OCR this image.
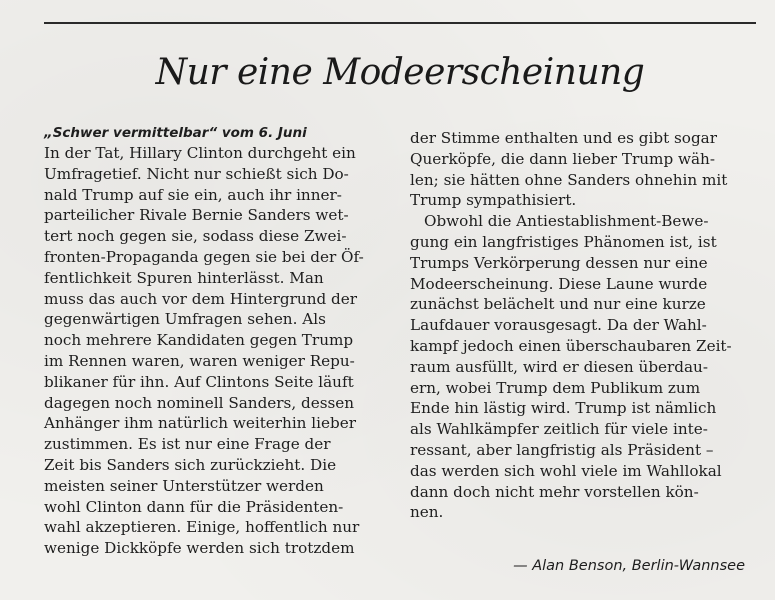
Nur eine Modeerscheinung
„Schwer vermittelbar“ vom 6. Juni
In der Tat, Hillary Clinton durchgeht ein
Umfragetief. Nicht nur schießt sich Do-
nald Trump auf sie ein, auch ihr inner-
parteilicher Rivale Bernie Sanders wet-
tert noch gegen sie, sodass diese Zwei-
fronten-Propaganda gegen sie bei der Öf-
fentlichkeit Spuren hinterlässt. Man
muss das auch vor dem Hintergrund der
gegenwärtigen Umfragen sehen. Als
noch mehrere Kandidaten gegen Trump
im Rennen waren, waren weniger Repu-
blikaner für ihn. Auf Clintons Seite läuft
dagegen noch nominell Sanders, dessen
Anhänger ihm natürlich weiterhin lieber
zustimmen. Es ist nur eine Frage der
Zeit bis Sanders sich zurückzieht. Die
meisten seiner Unterstützer werden
wohl Clinton dann für die Präsidenten-
wahl akzeptieren. Einige, hoffentlich nur
wenige Dickköpfe werden sich trotzdem
der Stimme enthalten und es gibt sogar
Querköpfe, die dann lieber Trump wäh-
len; sie hätten ohne Sanders ohnehin mit
Trump sympathisiert.
Obwohl die Antiestablishment-Bewe-
gung ein langfristiges Phänomen ist, ist
Trumps Verkörperung dessen nur eine
Modeerscheinung. Diese Laune wurde
zunächst belächelt und nur eine kurze
Laufdauer vorausgesagt. Da der Wahl-
kampf jedoch einen überschaubaren Zeit-
raum ausfüllt, wird er diesen überdau-
ern, wobei Trump dem Publikum zum
Ende hin lästig wird. Trump ist nämlich
als Wahlkämpfer zeitlich für viele inte-
ressant, aber langfristig als Präsident –
das werden sich wohl viele im Wahllokal
dann doch nicht mehr vorstellen kön-
nen.
— Alan Benson, Berlin-Wannsee
